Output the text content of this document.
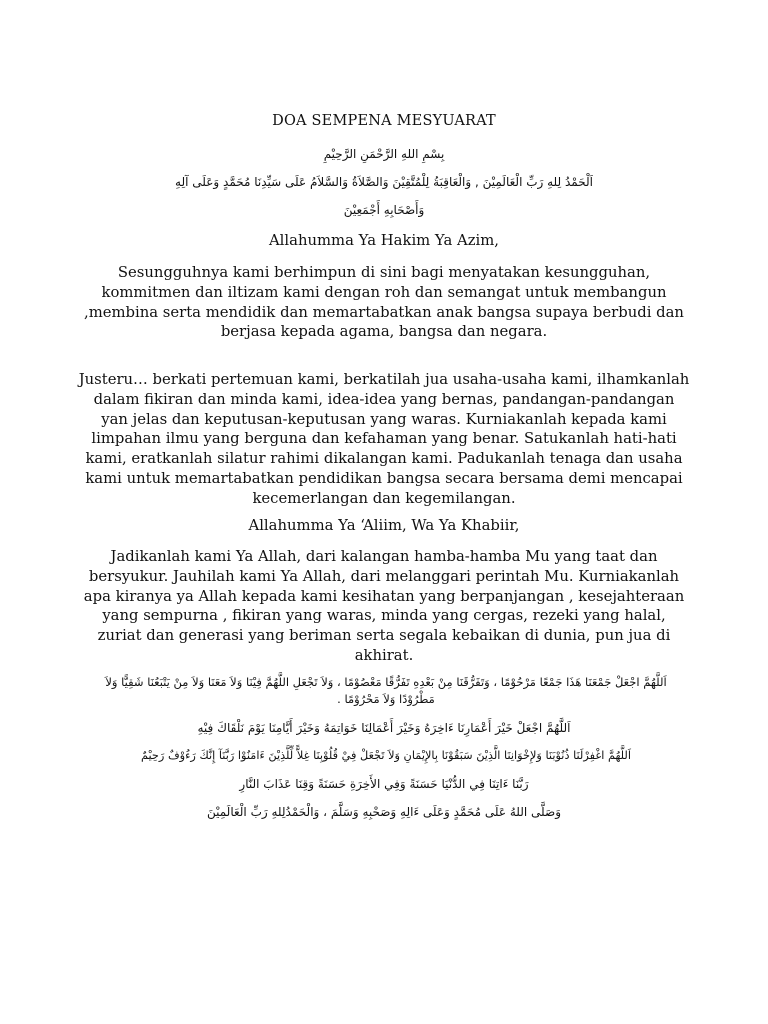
DOA SEMPENA MESYUARAT
بِسْمِ اللهِ الرَّحْمَنِ الرَّحِيْمِ
اَلْحَمْدُ لِلهِ رَبِّ الْعَالَمِيْنَ , وَالْعَاقِبَةُ لِلْمُتَّقِيْنَ وَالصَّلاَةُ وَالسَّلاَمُ عَلَى سَيِّدِنَا مُحَمَّدٍ وَعَلَى آلِهِ
وَأَصْحَابِهِ أَجْمَعِيْنَ
Allahumma Ya Hakim Ya Azim,
Sesungguhnya kami berhimpun di sini bagi menyatakan kesungguhan, kommitmen dan iltizam kami dengan roh dan semangat untuk membangun ,membina serta mendidik dan memartabatkan anak bangsa supaya berbudi dan berjasa kepada agama, bangsa dan negara.
Justeru… berkati pertemuan kami, berkatilah jua usaha-usaha kami, ilhamkanlah dalam fikiran dan minda kami, idea-idea yang bernas, pandangan-pandangan yan jelas dan keputusan-keputusan yang waras. Kurniakanlah kepada kami limpahan ilmu yang berguna dan kefahaman yang benar. Satukanlah hati-hati kami, eratkanlah silatur rahimi dikalangan kami. Padukanlah tenaga dan usaha kami untuk memartabatkan pendidikan bangsa secara bersama demi mencapai kecemerlangan dan kegemilangan.
Allahumma Ya ‘Aliim, Wa Ya Khabiir,
Jadikanlah kami Ya Allah, dari kalangan hamba-hamba Mu yang taat dan bersyukur. Jauhilah kami Ya Allah, dari melanggari perintah Mu. Kurniakanlah apa kiranya ya Allah kepada kami kesihatan yang berpanjangan , kesejahteraan yang sempurna , fikiran yang waras, minda yang cergas, rezeki yang halal, zuriat dan generasi yang beriman serta segala kebaikan di dunia, pun jua di akhirat.
اَللَّهُمَّ اجْعَلْ جَمْعَنَا هَذَا جَمْعًا مَرْحُوْمًا ، وَتَفَرُّقَنَا مِنْ بَعْدِهِ تَفَرُّقًا مَعْصُوْمًا ، وَلاَ تَجْعَلِ اللَّهُمَّ فِيْنَا وَلاَ مَعَنَا وَلاَ مِنْ يَتْبَعُنَا شَقِيًّا وَلاَ مَطْرُوْدًا وَلاَ مَحْرُوْمًا .
اَللَّهُمَّ اجْعَلْ خَيْرَ أَعْمَارِنَا ءَاخِرَهُ وَخَيْرَ أَعْمَالِنَا خَوَاتِمَهُ وَخَيْرَ أَيَّامِنَا يَوْمَ نَلْقَاكَ فِيْهِ
اَللَّهُمَّ اغْفِرْلَنَا ذُنُوْبَنَا وَلإِخْوَانِنَا الَّذِيْنَ سَبَقُوْنَا بِالإِيْمَانِ وَلاَ تَجْعَلْ فِيْ قُلُوْبِنَا غِلاًّ لِّلَّذِيْنَ ءَامَنُوْا رَبَّنَآ إِنَّكَ رَءُوْفٌ رَحِيْمٌ
رَبَّنَا ءَاتِنَا فِي الدُّنْيَا حَسَنَةً وَفِي الأَخِرَةِ حَسَنَةً وَقِنَا عَذَابَ النَّارِ
وَصَلَّى اللهُ عَلَى مُحَمَّدٍ وَعَلَى ءَالِهِ وَصَحْبِهِ وَسَلَّمَ ، وَالْحَمْدُلِلهِ رَبِّ الْعَالَمِيْنَ
